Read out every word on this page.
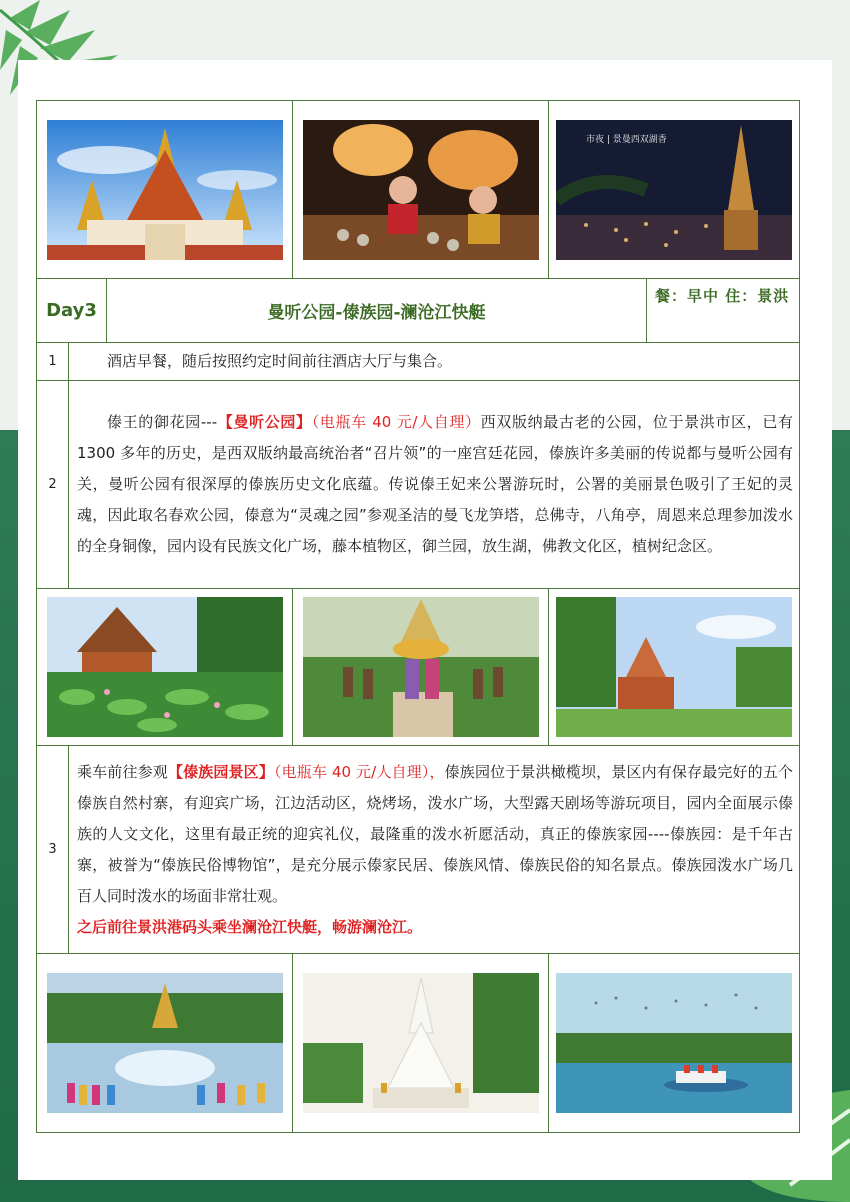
市夜 | 景曼西双湖香
Day3	曼听公园-傣族园-澜沧江快艇
餐：早中 住：景洪
1	酒店早餐，随后按照约定时间前往酒店大厅与集合。

2

傣王的御花园---【曼听公园】（电瓶车 40 元/人自理）西双版纳最古老的公园，位于景洪市区，已有 1300 多年的历史，是西双版纳最高统治者“召片领”的一座宫廷花园，傣族许多美丽的传说都与曼听公园有关，曼听公园有很深厚的傣族历史文化底蕴。传说傣王妃来公署游玩时，公署的美丽景色吸引了王妃的灵魂，因此取名春欢公园，傣意为“灵魂之园”参观圣洁的曼飞龙笋塔，总佛寺，八角亭，周恩来总理参加泼水的全身铜像，园内设有民族文化广场，藤本植物区，御兰园，放生湖，佛教文化区，植树纪念区。

3

乘车前往参观【傣族园景区】（电瓶车 40 元/人自理），傣族园位于景洪橄榄坝，景区内有保存最完好的五个傣族自然村寨，有迎宾广场，江边活动区，烧烤场，泼水广场，大型露天剧场等游玩项目，园内全面展示傣族的人文文化，这里有最正统的迎宾礼仪，最隆重的泼水祈愿活动，真正的傣族家园----傣族园：是千年古寨，被誉为“傣族民俗博物馆”，是充分展示傣家民居、傣族风情、傣族民俗的知名景点。傣族园泼水广场几百人同时泼水的场面非常壮观。

之后前往景洪港码头乘坐澜沧江快艇，畅游澜沧江。
